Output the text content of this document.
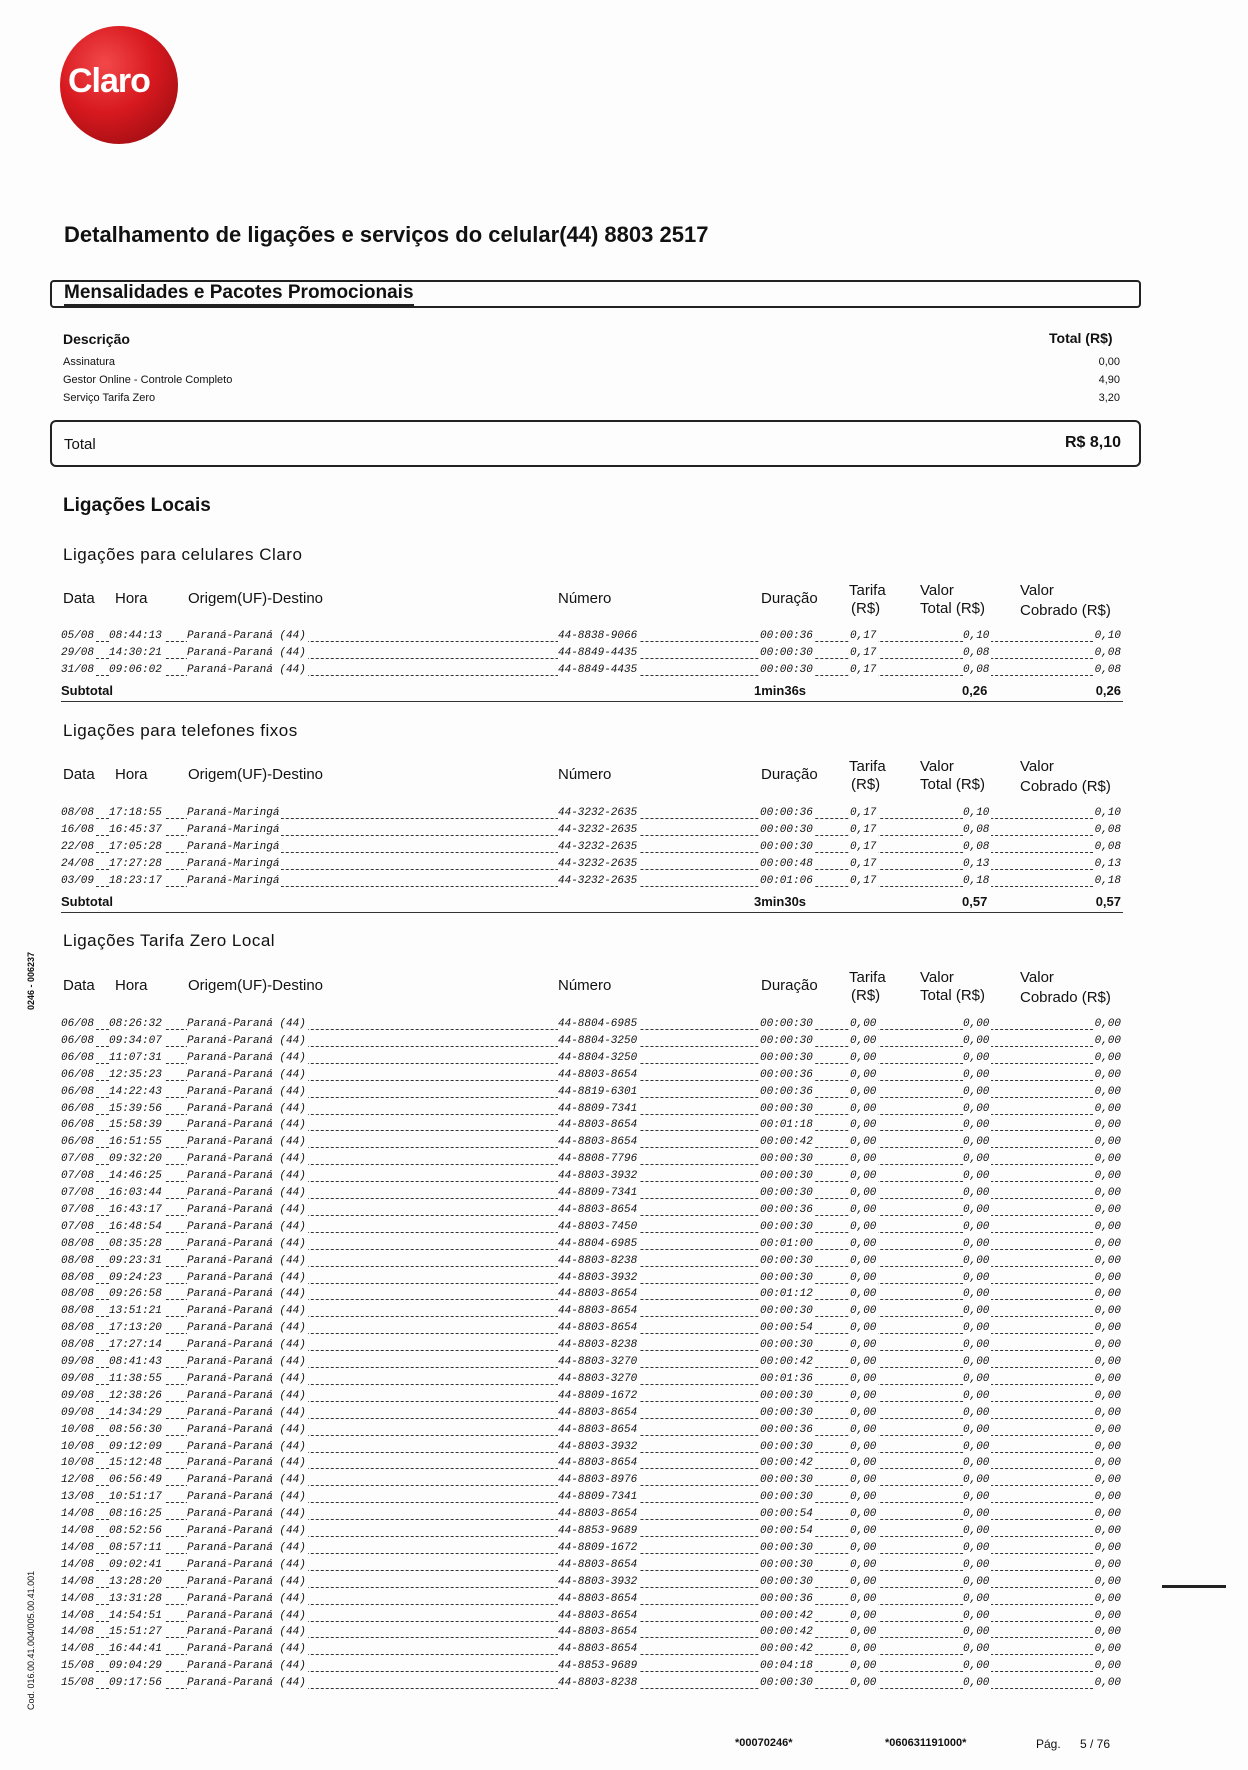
Claro
Detalhamento de ligações e serviços do celular(44) 8803 2517
Mensalidades e Pacotes Promocionais
Descrição	Total (R$)
Assinatura	0,00
Gestor Online - Controle Completo	4,90
Serviço Tarifa Zero	3,20
Total	R$ 8,10
Ligações Locais
Ligações para celulares Claro
Data Hora	Origem(UF)-Destino	Número	Duração Tarifa
(R$)
Valor
Total (R$)
Valor
Cobrado (R$)
05/08 08:44:13 Paraná-Paraná (44)	44-8838-9066	00:00:36	0,17	0,10	0,10
29/08 14:30:21 Paraná-Paraná (44)	44-8849-4435	00:00:30	0,17	0,08	0,08
31/08 09:06:02 Paraná-Paraná (44)	44-8849-4435	00:00:30	0,17	0,08	0,08
Subtotal	1min36s	0,26	0,26
Ligações para telefones fixos
Data Hora	Origem(UF)-Destino	Número	Duração Tarifa
(R$)
Valor
Total (R$)
Valor
Cobrado (R$)
08/08 17:18:55 Paraná-Maringá	44-3232-2635	00:00:36	0,17	0,10	0,10
16/08 16:45:37 Paraná-Maringá	44-3232-2635	00:00:30	0,17	0,08	0,08
22/08 17:05:28 Paraná-Maringá	44-3232-2635	00:00:30	0,17	0,08	0,08
24/08 17:27:28 Paraná-Maringá	44-3232-2635	00:00:48	0,17	0,13	0,13
03/09 18:23:17 Paraná-Maringá	44-3232-2635	00:01:06	0,17	0,18	0,18
Subtotal	3min30s	0,57	0,57
Ligações Tarifa Zero Local
Data Hora	Origem(UF)-Destino	Número	Duração Tarifa
(R$)
Valor
Total (R$)
Valor
Cobrado (R$)
06/08 08:26:32 Paraná-Paraná (44)	44-8804-6985	00:00:30	0,00	0,00	0,00
06/08 09:34:07 Paraná-Paraná (44)	44-8804-3250	00:00:30	0,00	0,00	0,00
06/08 11:07:31 Paraná-Paraná (44)	44-8804-3250	00:00:30	0,00	0,00	0,00
06/08 12:35:23 Paraná-Paraná (44)	44-8803-8654	00:00:36	0,00	0,00	0,00
06/08 14:22:43 Paraná-Paraná (44)	44-8819-6301	00:00:36	0,00	0,00	0,00
06/08 15:39:56 Paraná-Paraná (44)	44-8809-7341	00:00:30	0,00	0,00	0,00
06/08 15:58:39 Paraná-Paraná (44)	44-8803-8654	00:01:18	0,00	0,00	0,00
06/08 16:51:55 Paraná-Paraná (44)	44-8803-8654	00:00:42	0,00	0,00	0,00
07/08 09:32:20 Paraná-Paraná (44)	44-8808-7796	00:00:30	0,00	0,00	0,00
07/08 14:46:25 Paraná-Paraná (44)	44-8803-3932	00:00:30	0,00	0,00	0,00
07/08 16:03:44 Paraná-Paraná (44)	44-8809-7341	00:00:30	0,00	0,00	0,00
07/08 16:43:17 Paraná-Paraná (44)	44-8803-8654	00:00:36	0,00	0,00	0,00
07/08 16:48:54 Paraná-Paraná (44)	44-8803-7450	00:00:30	0,00	0,00	0,00
08/08 08:35:28 Paraná-Paraná (44)	44-8804-6985	00:01:00	0,00	0,00	0,00
08/08 09:23:31 Paraná-Paraná (44)	44-8803-8238	00:00:30	0,00	0,00	0,00
08/08 09:24:23 Paraná-Paraná (44)	44-8803-3932	00:00:30	0,00	0,00	0,00
08/08 09:26:58 Paraná-Paraná (44)	44-8803-8654	00:01:12	0,00	0,00	0,00
08/08 13:51:21 Paraná-Paraná (44)	44-8803-8654	00:00:30	0,00	0,00	0,00
08/08 17:13:20 Paraná-Paraná (44)	44-8803-8654	00:00:54	0,00	0,00	0,00
08/08 17:27:14 Paraná-Paraná (44)	44-8803-8238	00:00:30	0,00	0,00	0,00
09/08 08:41:43 Paraná-Paraná (44)	44-8803-3270	00:00:42	0,00	0,00	0,00
09/08 11:38:55 Paraná-Paraná (44)	44-8803-3270	00:01:36	0,00	0,00	0,00
09/08 12:38:26 Paraná-Paraná (44)	44-8809-1672	00:00:30	0,00	0,00	0,00
09/08 14:34:29 Paraná-Paraná (44)	44-8803-8654	00:00:30	0,00	0,00	0,00
10/08 08:56:30 Paraná-Paraná (44)	44-8803-8654	00:00:36	0,00	0,00	0,00
10/08 09:12:09 Paraná-Paraná (44)	44-8803-3932	00:00:30	0,00	0,00	0,00
10/08 15:12:48 Paraná-Paraná (44)	44-8803-8654	00:00:42	0,00	0,00	0,00
12/08 06:56:49 Paraná-Paraná (44)	44-8803-8976	00:00:30	0,00	0,00	0,00
13/08 10:51:17 Paraná-Paraná (44)	44-8809-7341	00:00:30	0,00	0,00	0,00
14/08 08:16:25 Paraná-Paraná (44)	44-8803-8654	00:00:54	0,00	0,00	0,00
14/08 08:52:56 Paraná-Paraná (44)	44-8853-9689	00:00:54	0,00	0,00	0,00
14/08 08:57:11 Paraná-Paraná (44)	44-8809-1672	00:00:30	0,00	0,00	0,00
14/08 09:02:41 Paraná-Paraná (44)	44-8803-8654	00:00:30	0,00	0,00	0,00
14/08 13:28:20 Paraná-Paraná (44)	44-8803-3932	00:00:30	0,00	0,00	0,00
14/08 13:31:28 Paraná-Paraná (44)	44-8803-8654	00:00:36	0,00	0,00	0,00
14/08 14:54:51 Paraná-Paraná (44)	44-8803-8654	00:00:42	0,00	0,00	0,00
14/08 15:51:27 Paraná-Paraná (44)	44-8803-8654	00:00:42	0,00	0,00	0,00
14/08 16:44:41 Paraná-Paraná (44)	44-8803-8654	00:00:42	0,00	0,00	0,00
15/08 09:04:29 Paraná-Paraná (44)	44-8853-9689	00:04:18	0,00	0,00	0,00
15/08 09:17:56 Paraná-Paraná (44)	44-8803-8238	00:00:30	0,00	0,00	0,00
0246 - 006237
Cod. 016.00.41.004/005.00.41.001
*00070246*	*060631191000*	Pág. 5 / 76
